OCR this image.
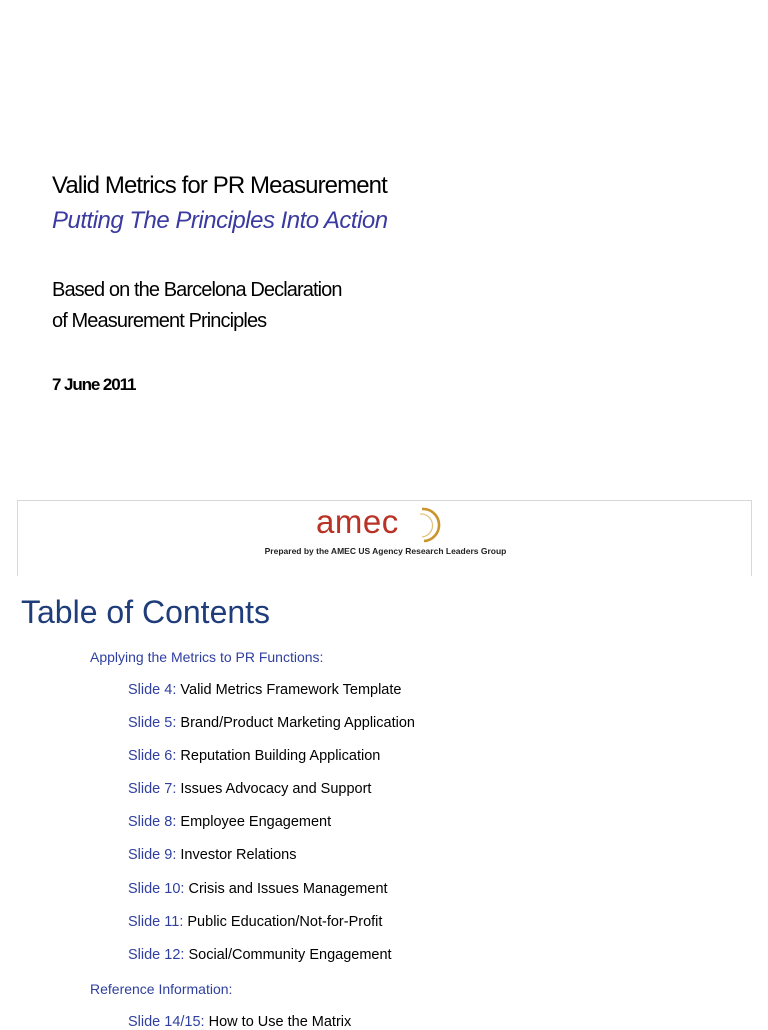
Valid Metrics for PR Measurement
Putting The Principles Into Action
Based on the Barcelona Declaration
of Measurement Principles
7 June 2011
amec
Prepared by the AMEC US Agency Research Leaders Group
Table of Contents
Applying the Metrics to PR Functions:
Slide 4: Valid Metrics Framework Template
Slide 5: Brand/Product Marketing Application
Slide 6: Reputation Building Application
Slide 7: Issues Advocacy and Support
Slide 8: Employee Engagement
Slide 9: Investor Relations
Slide 10: Crisis and Issues Management
Slide 11: Public Education/Not-for-Profit
Slide 12: Social/Community Engagement
Reference Information:
Slide 14/15: How to Use the Matrix
